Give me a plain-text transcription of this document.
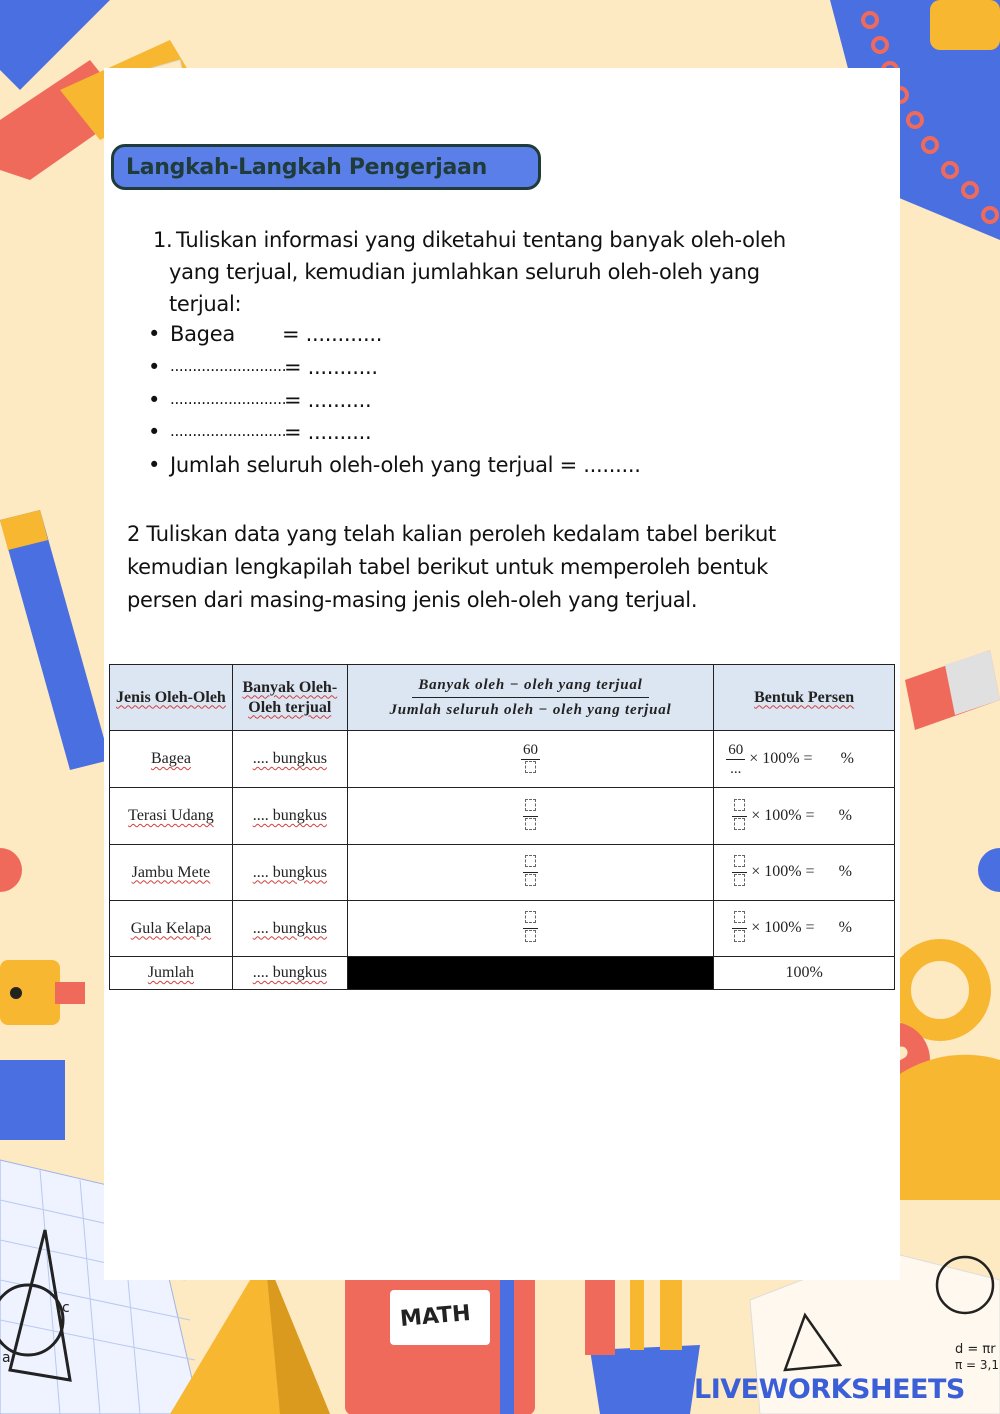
Langkah-Langkah Pengerjaan
1. Tuliskan informasi yang diketahui tentang banyak oleh-oleh
yang terjual, kemudian jumlahkan seluruh oleh-oleh yang
terjual:
Bagea = ............
..........................
= ...........
..........................
= ..........
..........................
= ..........
Jumlah seluruh oleh-oleh yang terjual = .........
2 Tuliskan data yang telah kalian peroleh kedalam tabel berikut
kemudian lengkapilah tabel berikut untuk memperoleh bentuk
persen dari masing-masing jenis oleh-oleh yang terjual.
Jenis Oleh-Oleh	Banyak Oleh-Oleh terjual	$\frac{\text{Banyak oleh − oleh yang terjual}}{\text{Jumlah seluruh oleh − oleh yang terjual}}$	Bentuk Persen
Bagea	.... bungkus	60	$\frac{60}{...} \times 100\%$ = %
Terasi Udang	.... bungkus		× 100% = %
Jambu Mete	.... bungkus		× 100% = %
Gula Kelapa	.... bungkus		× 100% = %
Jumlah	.... bungkus		100%
MATH
c
a
d = πr
π = 3,1
LIVEWORKSHEETS
